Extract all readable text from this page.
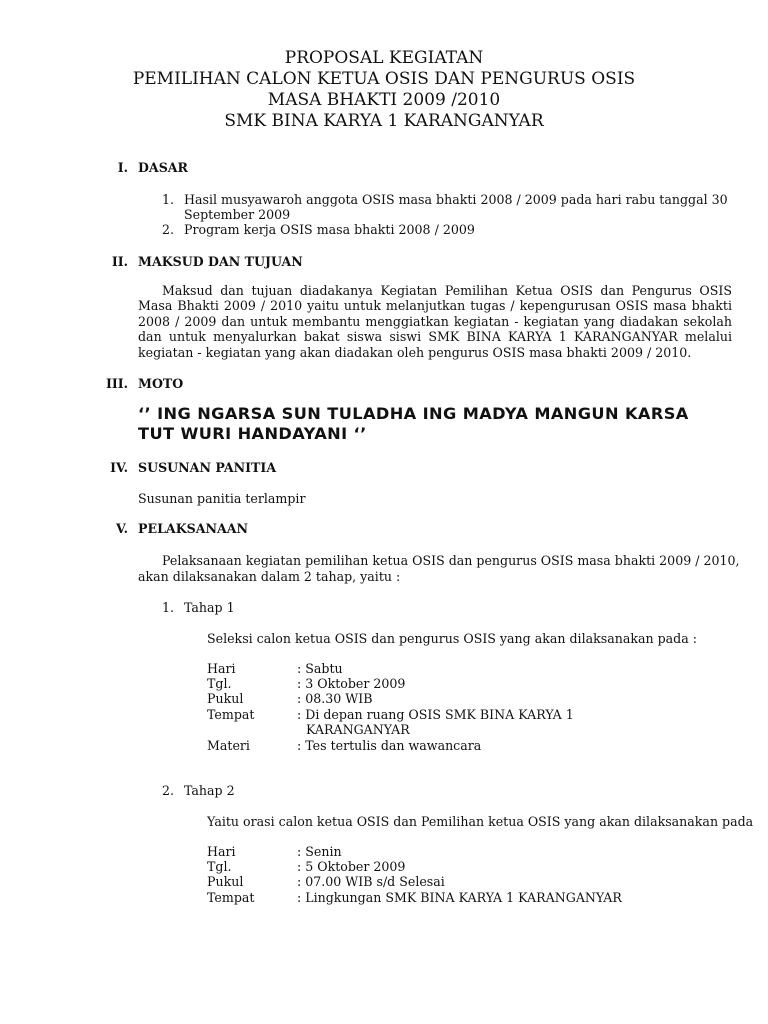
PROPOSAL KEGIATAN
PEMILIHAN CALON KETUA OSIS DAN PENGURUS OSIS
MASA BHAKTI 2009 /2010
SMK BINA KARYA 1 KARANGANYAR
I. DASAR
1. Hasil musyawaroh anggota OSIS masa bhakti 2008 / 2009 pada hari rabu tanggal 30
September 2009
2. Program kerja OSIS masa bhakti 2008 / 2009
II. MAKSUD DAN TUJUAN
Maksud dan tujuan diadakanya Kegiatan Pemilihan Ketua OSIS dan Pengurus OSIS Masa Bhakti 2009 / 2010 yaitu untuk melanjutkan tugas / kepengurusan OSIS masa bhakti 2008 / 2009 dan untuk membantu menggiatkan kegiatan - kegiatan yang diadakan sekolah dan untuk menyalurkan bakat siswa siswi SMK BINA KARYA 1 KARANGANYAR melalui kegiatan - kegiatan yang akan diadakan oleh pengurus OSIS masa bhakti 2009 / 2010.
III. MOTO
‘’ ING NGARSA SUN TULADHA ING MADYA MANGUN KARSA
TUT WURI HANDAYANI ‘’
IV. SUSUNAN PANITIA
Susunan panitia terlampir
V. PELAKSANAAN
Pelaksanaan kegiatan pemilihan ketua OSIS dan pengurus OSIS masa bhakti 2009 / 2010,
akan dilaksanakan dalam 2 tahap, yaitu :
1. Tahap 1
Seleksi calon ketua OSIS dan pengurus OSIS yang akan dilaksanakan pada :
Hari	: Sabtu
Tgl.	: 3 Oktober 2009
Pukul	: 08.30 WIB
Tempat	: Di depan ruang OSIS SMK BINA KARYA 1
KARANGANYAR
Materi	: Tes tertulis dan wawancara
2. Tahap 2
Yaitu orasi calon ketua OSIS dan Pemilihan ketua OSIS yang akan dilaksanakan pada
Hari	: Senin
Tgl.	: 5 Oktober 2009
Pukul	: 07.00 WIB s/d Selesai
Tempat	: Lingkungan SMK BINA KARYA 1 KARANGANYAR
